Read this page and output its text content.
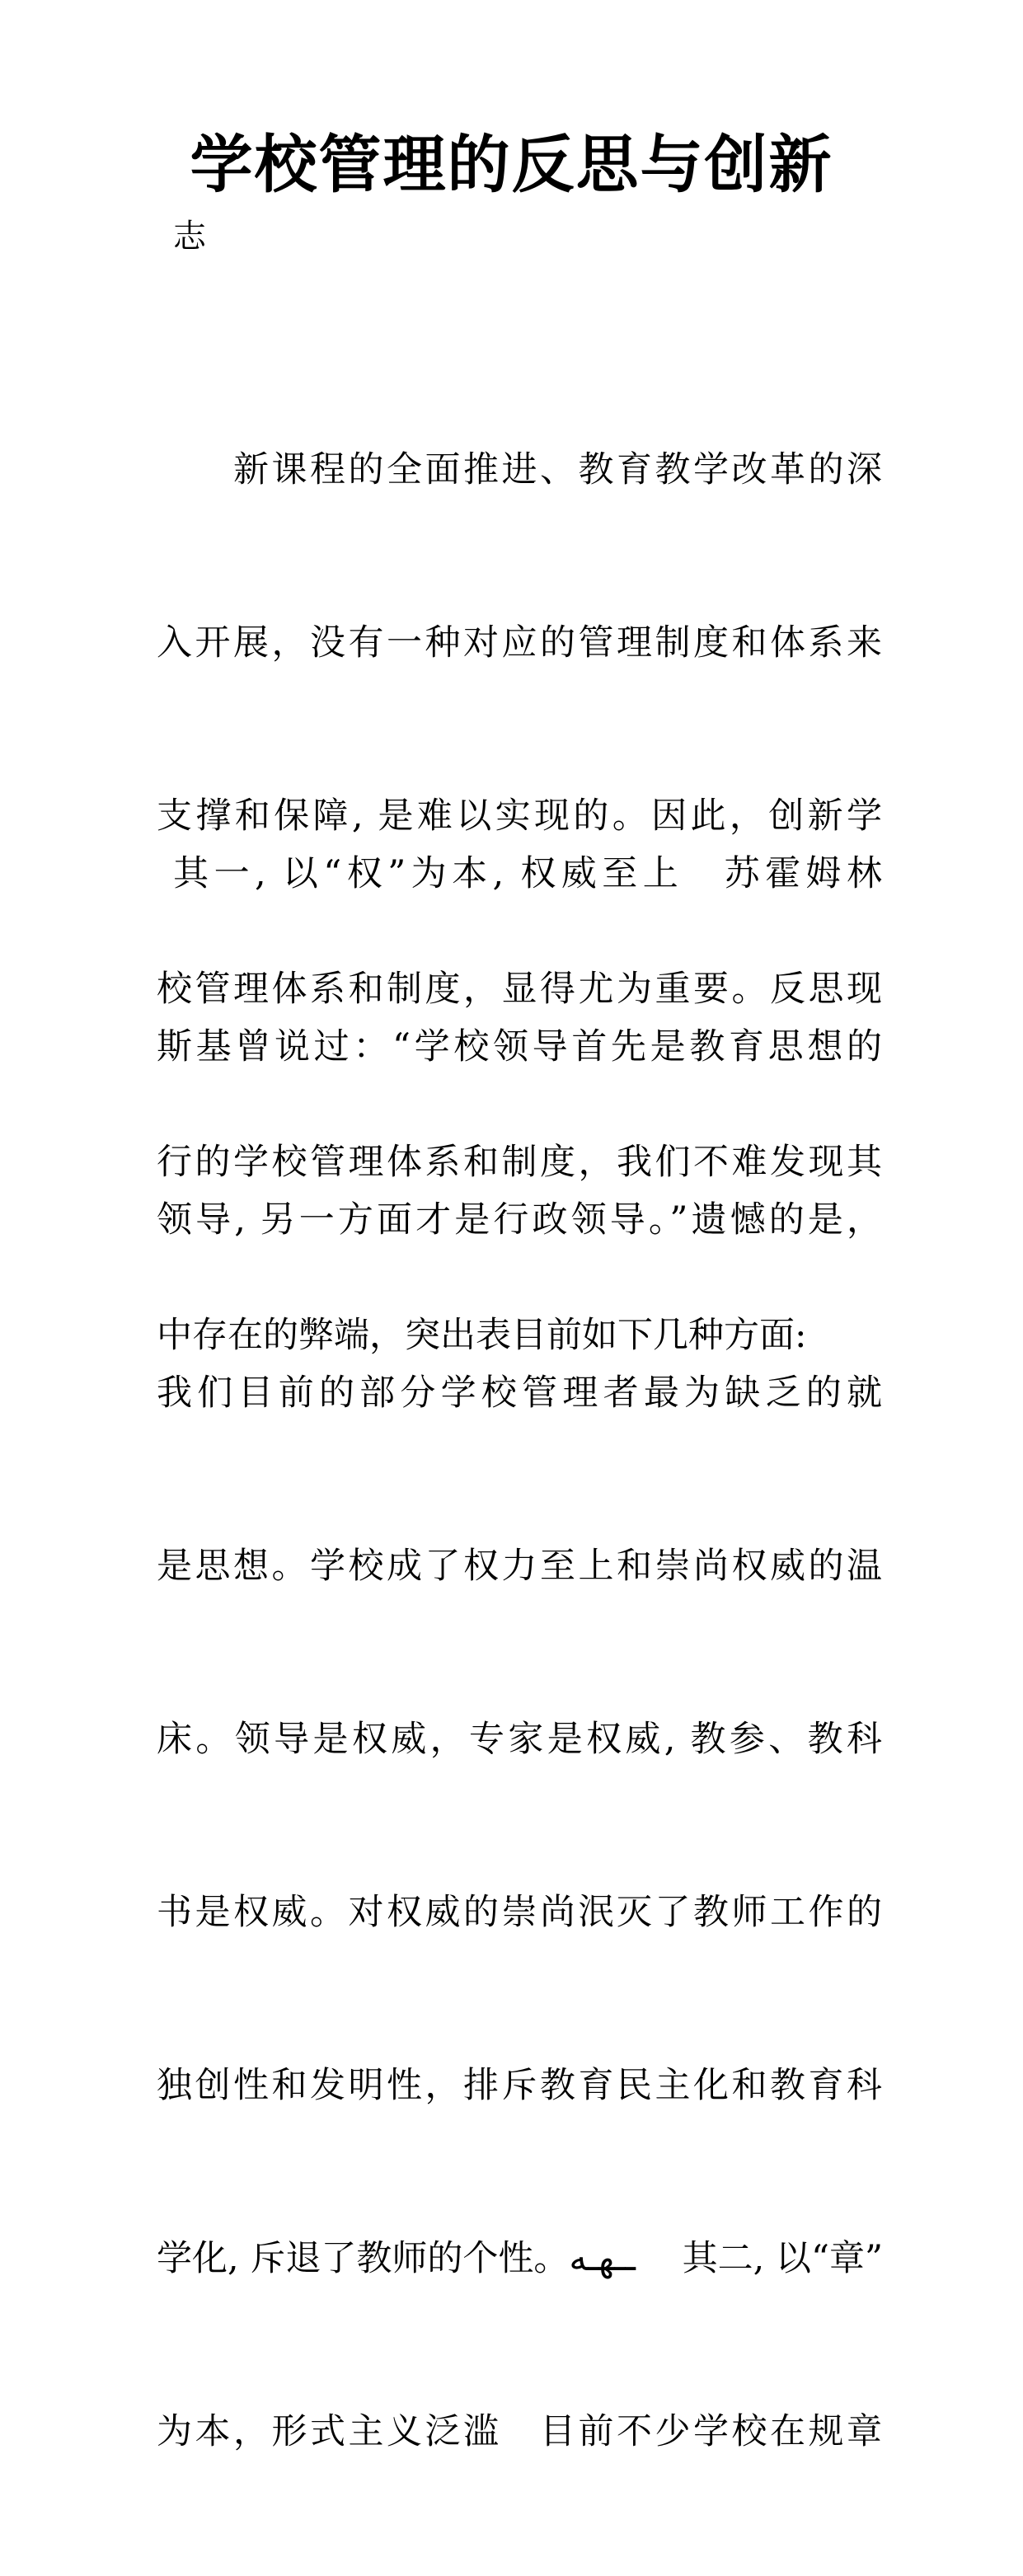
学校管理的反思与创新
志

　　新课程的全面推进、教育教学改革的深

入开展，没有一种对应的管理制度和体系来

支撑和保障, 是难以实现的。因此，创新学

校管理体系和制度，显得尤为重要。反思现

行的学校管理体系和制度，我们不难发现其

中存在的弊端，突出表目前如下几种方面:

其一, 以“权”为本, 权威至上　苏霍姆林

斯基曾说过：“学校领导首先是教育思想的

领导, 另一方面才是行政领导。”遗憾的是，

我们目前的部分学校管理者最为缺乏的就

是思想。学校成了权力至上和崇尚权威的温

床。领导是权威，专家是权威, 教参、教科

书是权威。对权威的崇尚泯灭了教师工作的

独创性和发明性，排斥教育民主化和教育科

学化, 斥退了教师的个性。ــهـه　 其二, 以“章”

为本，形式主义泛滥　目前不少学校在规章
